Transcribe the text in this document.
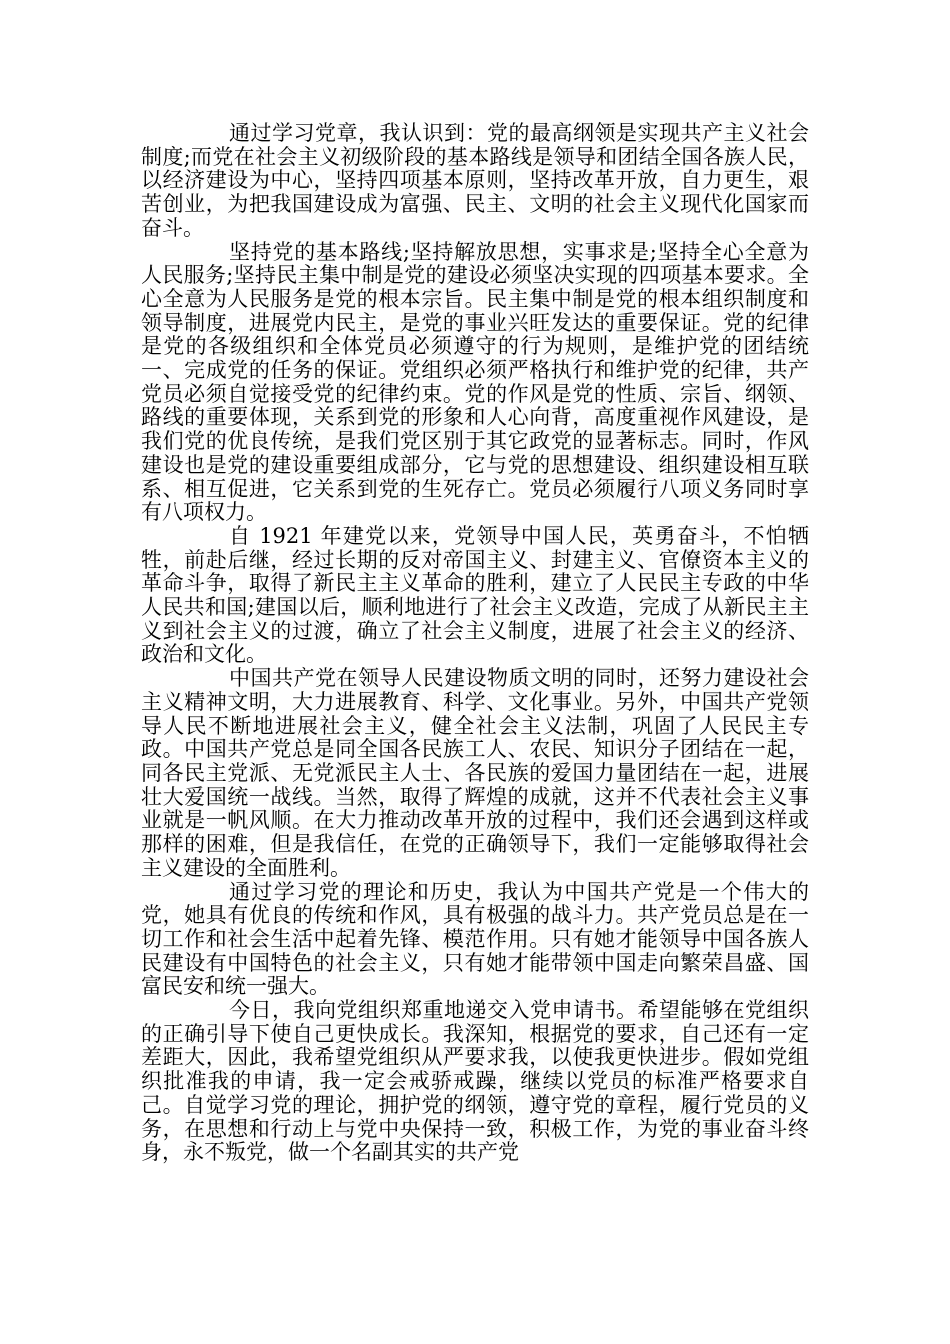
通过学习党章，我认识到：党的最高纲领是实现共产主义社会制度;而党在社会主义初级阶段的基本路线是领导和团结全国各族人民，以经济建设为中心，坚持四项基本原则，坚持改革开放，自力更生，艰苦创业，为把我国建设成为富强、民主、文明的社会主义现代化国家而奋斗。

坚持党的基本路线;坚持解放思想，实事求是;坚持全心全意为人民服务;坚持民主集中制是党的建设必须坚决实现的四项基本要求。全心全意为人民服务是党的根本宗旨。民主集中制是党的根本组织制度和领导制度，进展党内民主，是党的事业兴旺发达的重要保证。党的纪律是党的各级组织和全体党员必须遵守的行为规则，是维护党的团结统一、完成党的任务的保证。党组织必须严格执行和维护党的纪律，共产党员必须自觉接受党的纪律约束。党的作风是党的性质、宗旨、纲领、路线的重要体现，关系到党的形象和人心向背，高度重视作风建设，是我们党的优良传统，是我们党区别于其它政党的显著标志。同时，作风建设也是党的建设重要组成部分，它与党的思想建设、组织建设相互联系、相互促进，它关系到党的生死存亡。党员必须履行八项义务同时享有八项权力。

自 1921 年建党以来，党领导中国人民，英勇奋斗，不怕牺牲，前赴后继，经过长期的反对帝国主义、封建主义、官僚资本主义的革命斗争，取得了新民主主义革命的胜利，建立了人民民主专政的中华人民共和国;建国以后，顺利地进行了社会主义改造，完成了从新民主主义到社会主义的过渡，确立了社会主义制度，进展了社会主义的经济、政治和文化。

中国共产党在领导人民建设物质文明的同时，还努力建设社会主义精神文明，大力进展教育、科学、文化事业。另外，中国共产党领导人民不断地进展社会主义，健全社会主义法制，巩固了人民民主专政。中国共产党总是同全国各民族工人、农民、知识分子团结在一起，同各民主党派、无党派民主人士、各民族的爱国力量团结在一起，进展壮大爱国统一战线。当然，取得了辉煌的成就，这并不代表社会主义事业就是一帆风顺。在大力推动改革开放的过程中，我们还会遇到这样或那样的困难，但是我信任，在党的正确领导下，我们一定能够取得社会主义建设的全面胜利。

通过学习党的理论和历史，我认为中国共产党是一个伟大的党，她具有优良的传统和作风，具有极强的战斗力。共产党员总是在一切工作和社会生活中起着先锋、模范作用。只有她才能领导中国各族人民建设有中国特色的社会主义，只有她才能带领中国走向繁荣昌盛、国富民安和统一强大。

今日，我向党组织郑重地递交入党申请书。希望能够在党组织的正确引导下使自己更快成长。我深知，根据党的要求，自己还有一定差距大，因此，我希望党组织从严要求我，以使我更快进步。假如党组织批准我的申请，我一定会戒骄戒躁，继续以党员的标准严格要求自己。自觉学习党的理论，拥护党的纲领，遵守党的章程，履行党员的义务，在思想和行动上与党中央保持一致，积极工作，为党的事业奋斗终身，永不叛党，做一个名副其实的共产党
